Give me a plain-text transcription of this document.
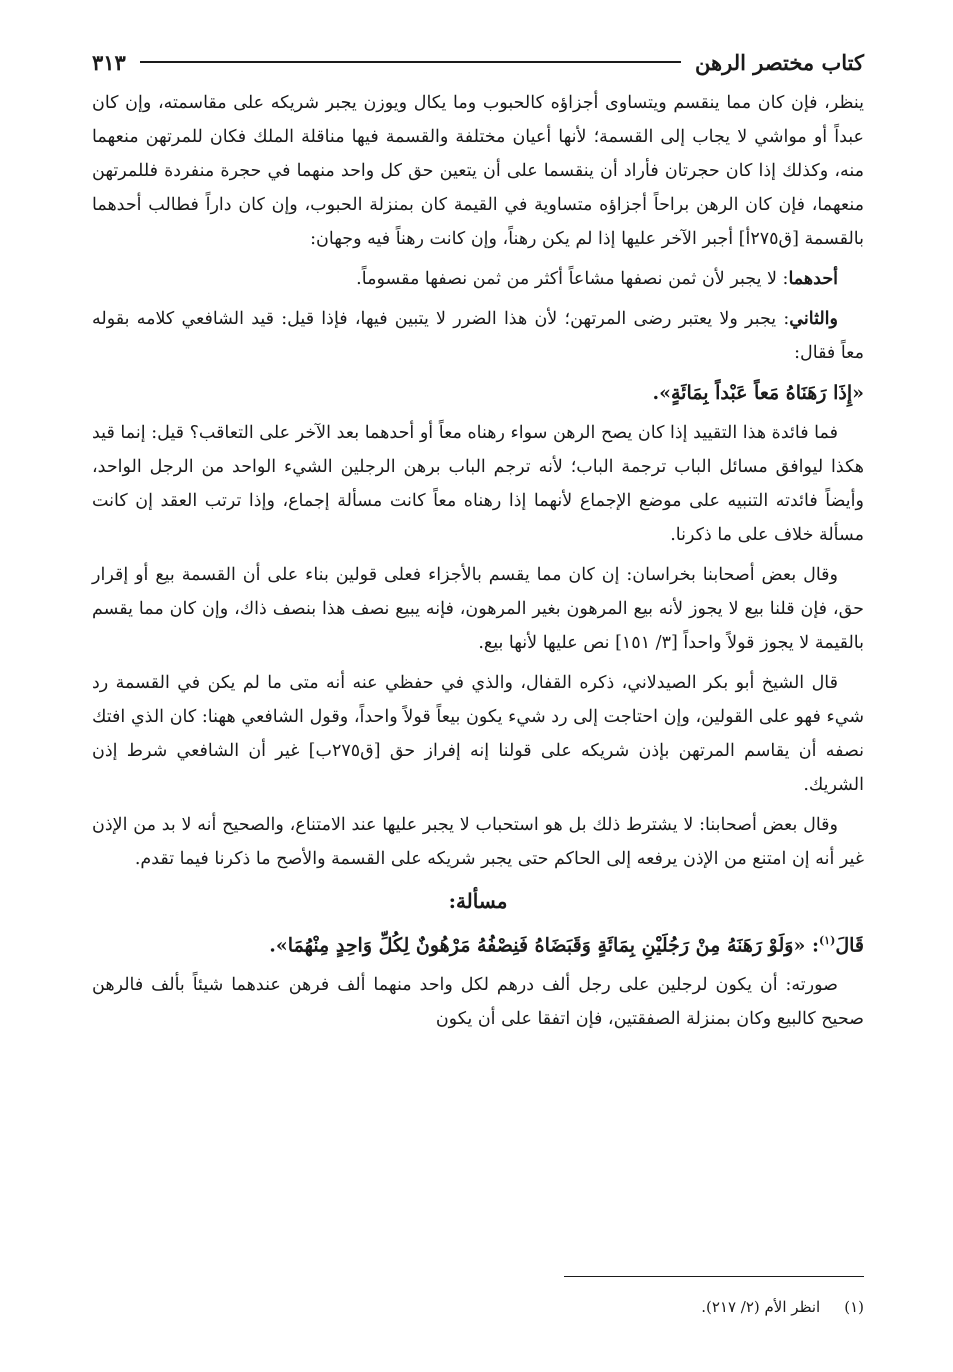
كتاب مختصر الرهن
٣١٣

ينظر، فإن كان مما ينقسم ويتساوى أجزاؤه كالحبوب وما يكال ويوزن يجبر شريكه على مقاسمته، وإن كان عبداً أو مواشي لا يجاب إلى القسمة؛ لأنها أعيان مختلفة والقسمة فيها مناقلة الملك فكان للمرتهن منعهما منه، وكذلك إذا كان حجرتان فأراد أن ينقسما على أن يتعين حق كل واحد منهما في حجرة منفردة فللمرتهن منعهما، فإن كان الرهن براحاً أجزاؤه متساوية في القيمة كان بمنزلة الحبوب، وإن كان داراً فطالب أحدهما بالقسمة [ق٢٧٥أ] أجبر الآخر عليها إذا لم يكن رهناً، وإن كانت رهناً فيه وجهان:

أحدهما: لا يجبر لأن ثمن نصفها مشاعاً أكثر من ثمن نصفها مقسوماً.

والثاني: يجبر ولا يعتبر رضى المرتهن؛ لأن هذا الضرر لا يتبين فيها، فإذا قيل: قيد الشافعي كلامه بقوله معاً فقال:

«إِذَا رَهَنَاهُ مَعاً عَبْداً بِمَائَةٍ».

فما فائدة هذا التقييد إذا كان يصح الرهن سواء رهناه معاً أو أحدهما بعد الآخر على التعاقب؟ قيل: إنما قيد هكذا ليوافق مسائل الباب ترجمة الباب؛ لأنه ترجم الباب برهن الرجلين الشيء الواحد من الرجل الواحد، وأيضاً فائدته التنبيه على موضع الإجماع لأنهما إذا رهناه معاً كانت مسألة إجماع، وإذا ترتب العقد إن كانت مسألة خلاف على ما ذكرنا.

وقال بعض أصحابنا بخراسان: إن كان مما يقسم بالأجزاء فعلى قولين بناء على أن القسمة بيع أو إقرار حق، فإن قلنا بيع لا يجوز لأنه بيع المرهون بغير المرهون، فإنه يبيع نصف هذا بنصف ذاك، وإن كان مما يقسم بالقيمة لا يجوز قولاً واحداً [٣/ ١٥١] نص عليها لأنها بيع.

قال الشيخ أبو بكر الصيدلاني، ذكره القفال، والذي في حفظي عنه أنه متى ما لم يكن في القسمة رد شيء فهو على القولين، وإن احتاجت إلى رد شيء يكون بيعاً قولاً واحداً، وقول الشافعي ههنا: كان الذي افتك نصفه أن يقاسم المرتهن بإذن شريكه على قولنا إنه إفراز حق [ق٢٧٥ب] غير أن الشافعي شرط إذن الشريك.

وقال بعض أصحابنا: لا يشترط ذلك بل هو استحباب لا يجبر عليها عند الامتناع، والصحيح أنه لا بد من الإذن غير أنه إن امتنع من الإذن يرفعه إلى الحاكم حتى يجبر شريكه على القسمة والأصح ما ذكرنا فيما تقدم.

مسألة:

قَالَ$^{(١)}$: «وَلَوْ رَهَنَهُ مِنْ رَجُلَيْنِ بِمَائَةٍ وَقَبَضَاهُ فَنِصْفُهُ مَرْهُونٌ لِكُلِّ وَاحِدٍ مِنْهُمَا».

صورته: أن يكون لرجلين على رجل ألف درهم لكل واحد منهما ألف فرهن عندهما شيئاً بألف فالرهن صحيح كالبيع وكان بمنزلة الصفقتين، فإن اتفقا على أن يكون

(١)
انظر الأم (٢/ ٢١٧).
